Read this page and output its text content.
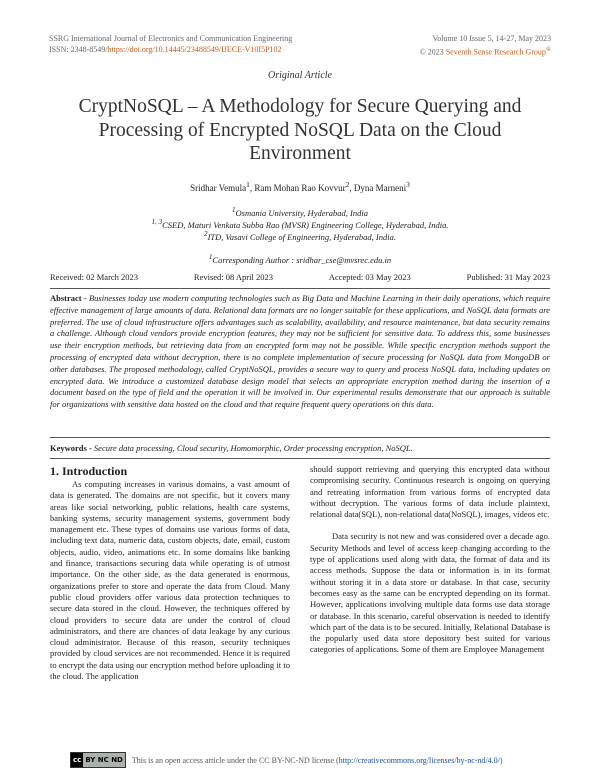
SSRG International Journal of Electronics and Communication Engineering
ISSN: 2348-8549/https://doi.org/10.14445/23488549/IJECE-V10I5P102
Volume 10 Issue 5, 14-27, May 2023
© 2023 Seventh Sense Research Group®
Original Article
CryptNoSQL – A Methodology for Secure Querying and Processing of Encrypted NoSQL Data on the Cloud Environment
Sridhar Vemula$^1$, Ram Mohan Rao Kovvur$^2$, Dyna Marneni$^3$
$^1$Osmania University, Hyderabad, India
$^{1, 3}$CSED, Maturi Venkata Subba Rao (MVSR) Engineering College, Hyderabad, India.
$^2$ITD, Vasavi College of Engineering, Hyderabad, India.
$^1$Corresponding Author : sridhar_cse@mvsrec.edu.in
Received: 02 March 2023	Revised: 08 April 2023	Accepted: 03 May 2023	Published: 31 May 2023
Abstract - Businesses today use modern computing technologies such as Big Data and Machine Learning in their daily operations, which require effective management of large amounts of data. Relational data formats are no longer suitable for these applications, and NoSQL data formats are preferred. The use of cloud infrastructure offers advantages such as scalability, availability, and resource maintenance, but data security remains a challenge. Although cloud vendors provide encryption features, they may not be sufficient for sensitive data. To address this, some businesses use their encryption methods, but retrieving data from an encrypted form may not be possible. While specific encryption methods support the processing of encrypted data without decryption, there is no complete implementation of secure processing for NoSQL data from MongoDB or other databases. The proposed methodology, called CryptNoSQL, provides a secure way to query and process NoSQL data, including updates on encrypted data. We introduce a customized database design model that selects an appropriate encryption method during the insertion of a document based on the type of field and the operation it will be involved in. Our experimental results demonstrate that our approach is suitable for organizations with sensitive data hosted on the cloud and that require frequent query operations on this data.
Keywords - Secure data processing, Cloud security, Homomorphic, Order processing encryption, NoSQL.
1. Introduction

As computing increases in various domains, a vast amount of data is generated. The domains are not specific, but it covers many areas like social networking, public relations, health care systems, banking systems, security management systems, government body management etc. These types of domains use various forms of data, including text data, numeric data, custom objects, date, email, custom objects, audio, video, animations etc. In some domains like banking and finance, transactions securing data while operating is of utmost importance. On the other side, as the data generated is enormous, organizations prefer to store and operate the data from Cloud. Many public cloud providers offer various data protection techniques to secure data stored in the cloud. However, the techniques offered by cloud providers to secure data are under the control of cloud administrators, and there are chances of data leakage by any curious cloud administrator. Because of this reason, security techniques provided by cloud services are not recommended. Hence it is required to encrypt the data using our encryption method before uploading it to the cloud. The application

should support retrieving and querying this encrypted data without compromising security. Continuous research is ongoing on querying and retreating information from various forms of encrypted data without decryption. The various forms of data include plaintext, relational data(SQL), non-relational data(NoSQL), images, videos etc.

Data security is not new and was considered over a decade ago. Security Methods and level of access keep changing according to the type of applications used along with data, the format of data and its access methods. Suppose the data or information is in its format without storing it in a data store or database. In that case, security becomes easy as the same can be encrypted depending on its format. However, applications involving multiple data forms use data storage or database. In this scenario, careful observation is needed to identify which part of the data is to be secured. Initially, Relational Database is the popularly used data store depository best suited for various categories of applications. Some of them are Employee Management

cc BY NC ND This is an open access article under the CC BY-NC-ND license (http://creativecommons.org/licenses/by-nc-nd/4.0/)
